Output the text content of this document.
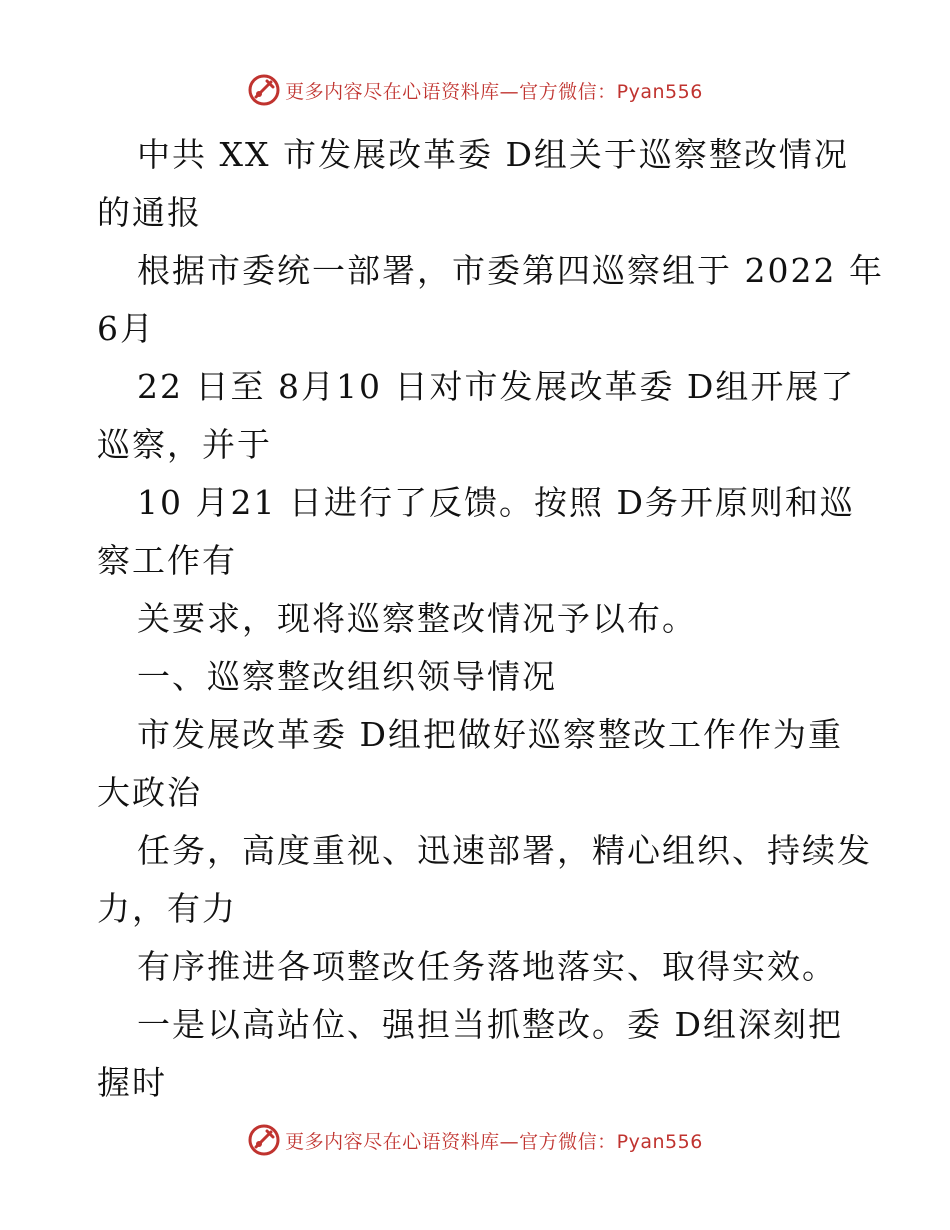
更多内容尽在心语资料库—官方微信：Pyan556
中共 XX 市发展改革委 D组关于巡察整改情况
的通报
根据市委统一部署，市委第四巡察组于 2022 年
6月
22 日至 8月10 日对市发展改革委 D组开展了
巡察，并于
10 月21 日进行了反馈。按照 D务开原则和巡
察工作有
关要求，现将巡察整改情况予以布。
一、巡察整改组织领导情况
市发展改革委 D组把做好巡察整改工作作为重
大政治
任务，高度重视、迅速部署，精心组织、持续发
力，有力
有序推进各项整改任务落地落实、取得实效。
一是以高站位、强担当抓整改。委 D组深刻把
握时
更多内容尽在心语资料库—官方微信：Pyan556
